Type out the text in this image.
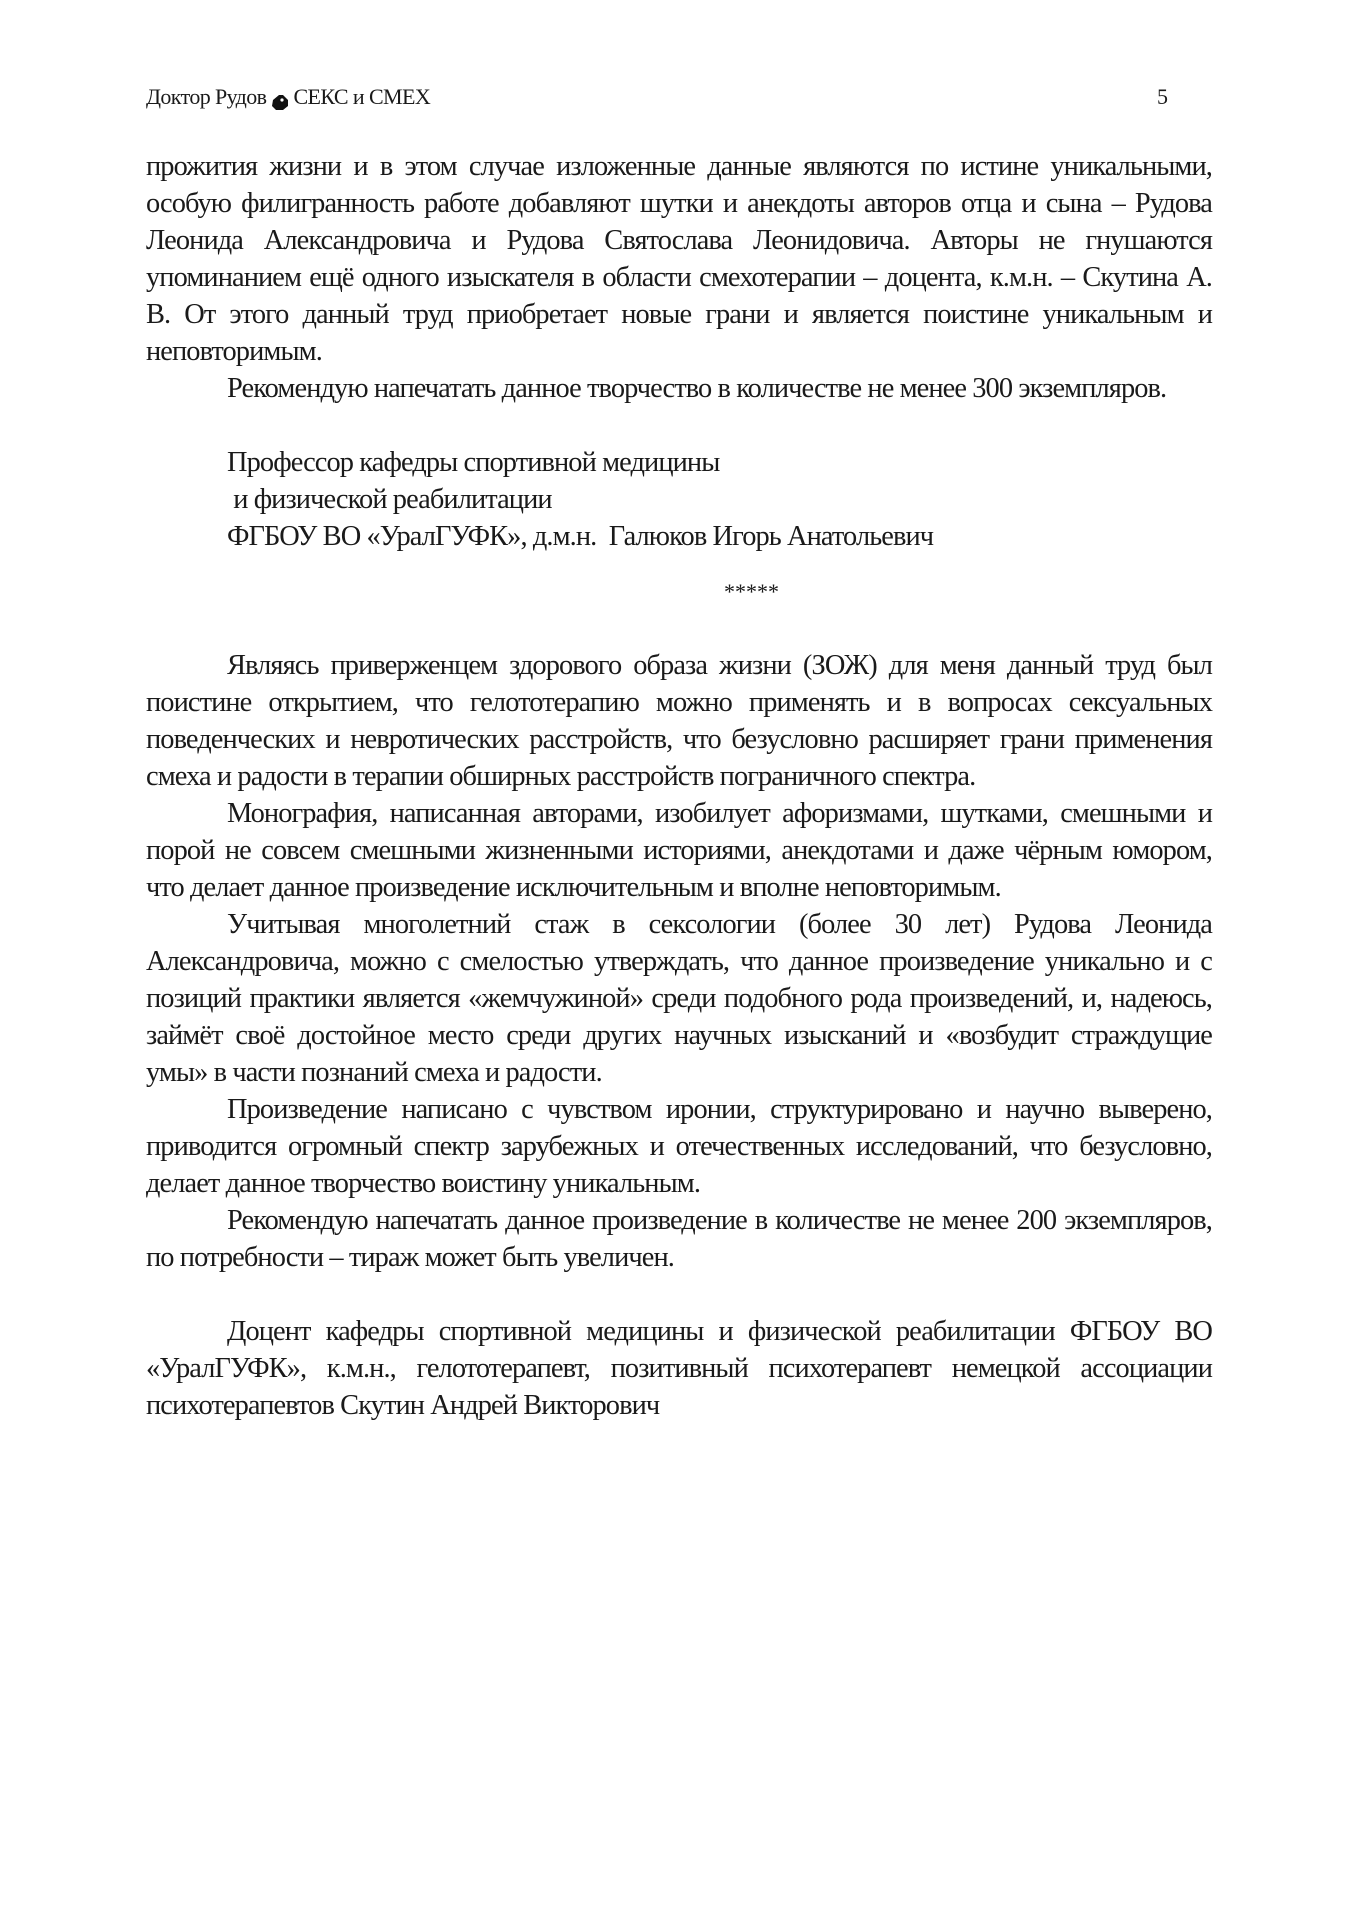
Доктор Рудов СЕКС и СМЕХ	5

прожития жизни и в этом случае изложенные данные являются по истине уникальными, особую филигранность работе добавляют шутки и анекдоты авторов отца и сына – Рудова Леонида Александровича и Рудова Святослава Леонидовича. Авторы не гнушаются упоминанием ещё одного изыскателя в области смехотерапии – доцента, к.м.н. – Скутина А. В. От этого данный труд приобретает новые грани и является поистине уникальным и неповторимым.

Рекомендую напечатать данное творчество в количестве не менее 300 экземпляров.

Профессор кафедры спортивной медицины
и физической реабилитации
ФГБОУ ВО «УралГУФК», д.м.н.  Галюков Игорь Анатольевич

*****

Являясь приверженцем здорового образа жизни (ЗОЖ) для меня данный труд был поистине открытием, что гелототерапию можно применять и в вопросах сексуальных поведенческих и невротических расстройств, что безусловно расширяет грани применения смеха и радости в терапии обширных расстройств пограничного спектра.

Монография, написанная авторами, изобилует афоризмами, шутками, смешными и порой не совсем смешными жизненными историями, анекдотами и даже чёрным юмором, что делает данное произведение исключительным и вполне неповторимым.

Учитывая многолетний стаж в сексологии (более 30 лет) Рудова Леонида Александровича, можно с смелостью утверждать, что данное произведение уникально и с позиций практики является «жемчужиной» среди подобного рода произведений, и, надеюсь, займёт своё достойное место среди других научных изысканий и «возбудит страждущие умы» в части познаний смеха и радости.

Произведение написано с чувством иронии, структурировано и научно выверено, приводится огромный спектр зарубежных и отечественных исследований, что безусловно, делает данное творчество воистину уникальным.

Рекомендую напечатать данное произведение в количестве не менее 200 экземпляров, по потребности – тираж может быть увеличен.

Доцент кафедры спортивной медицины и физической реабилитации ФГБОУ ВО «УралГУФК», к.м.н., гелототерапевт, позитивный психотерапевт немецкой ассоциации психотерапевтов Скутин Андрей Викторович
